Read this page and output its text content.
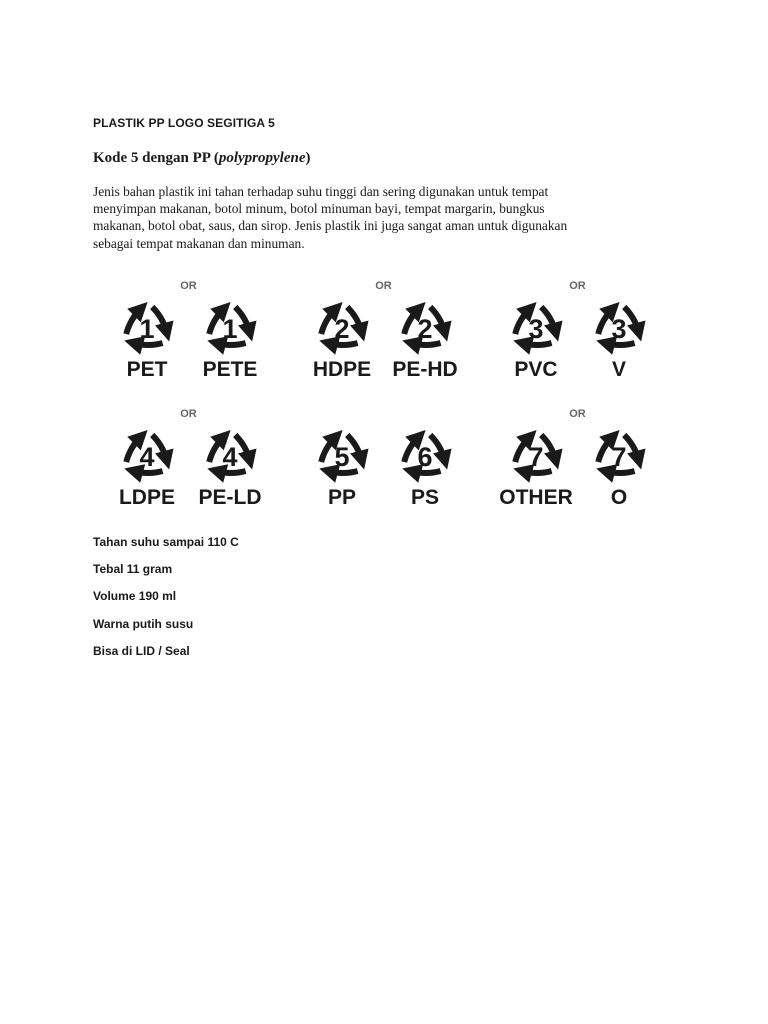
PLASTIK PP LOGO SEGITIGA 5
Kode 5 dengan PP (polypropylene)
Jenis bahan plastik ini tahan terhadap suhu tinggi dan sering digunakan untuk tempat
menyimpan makanan, botol minum, botol minuman bayi, tempat margarin, bungkus
makanan, botol obat, saus, dan sirop. Jenis plastik ini juga sangat aman untuk digunakan
sebagai tempat makanan dan minuman.
1
PET
1
PETE
OR
2
HDPE
2
PE-HD
OR
3
PVC
3
V
OR
4
LDPE
4
PE-LD
OR
5
PP
6
PS
7
OTHER
7
O
OR
Tahan suhu sampai 110 C
Tebal 11 gram
Volume 190 ml
Warna putih susu
Bisa di LID / Seal
